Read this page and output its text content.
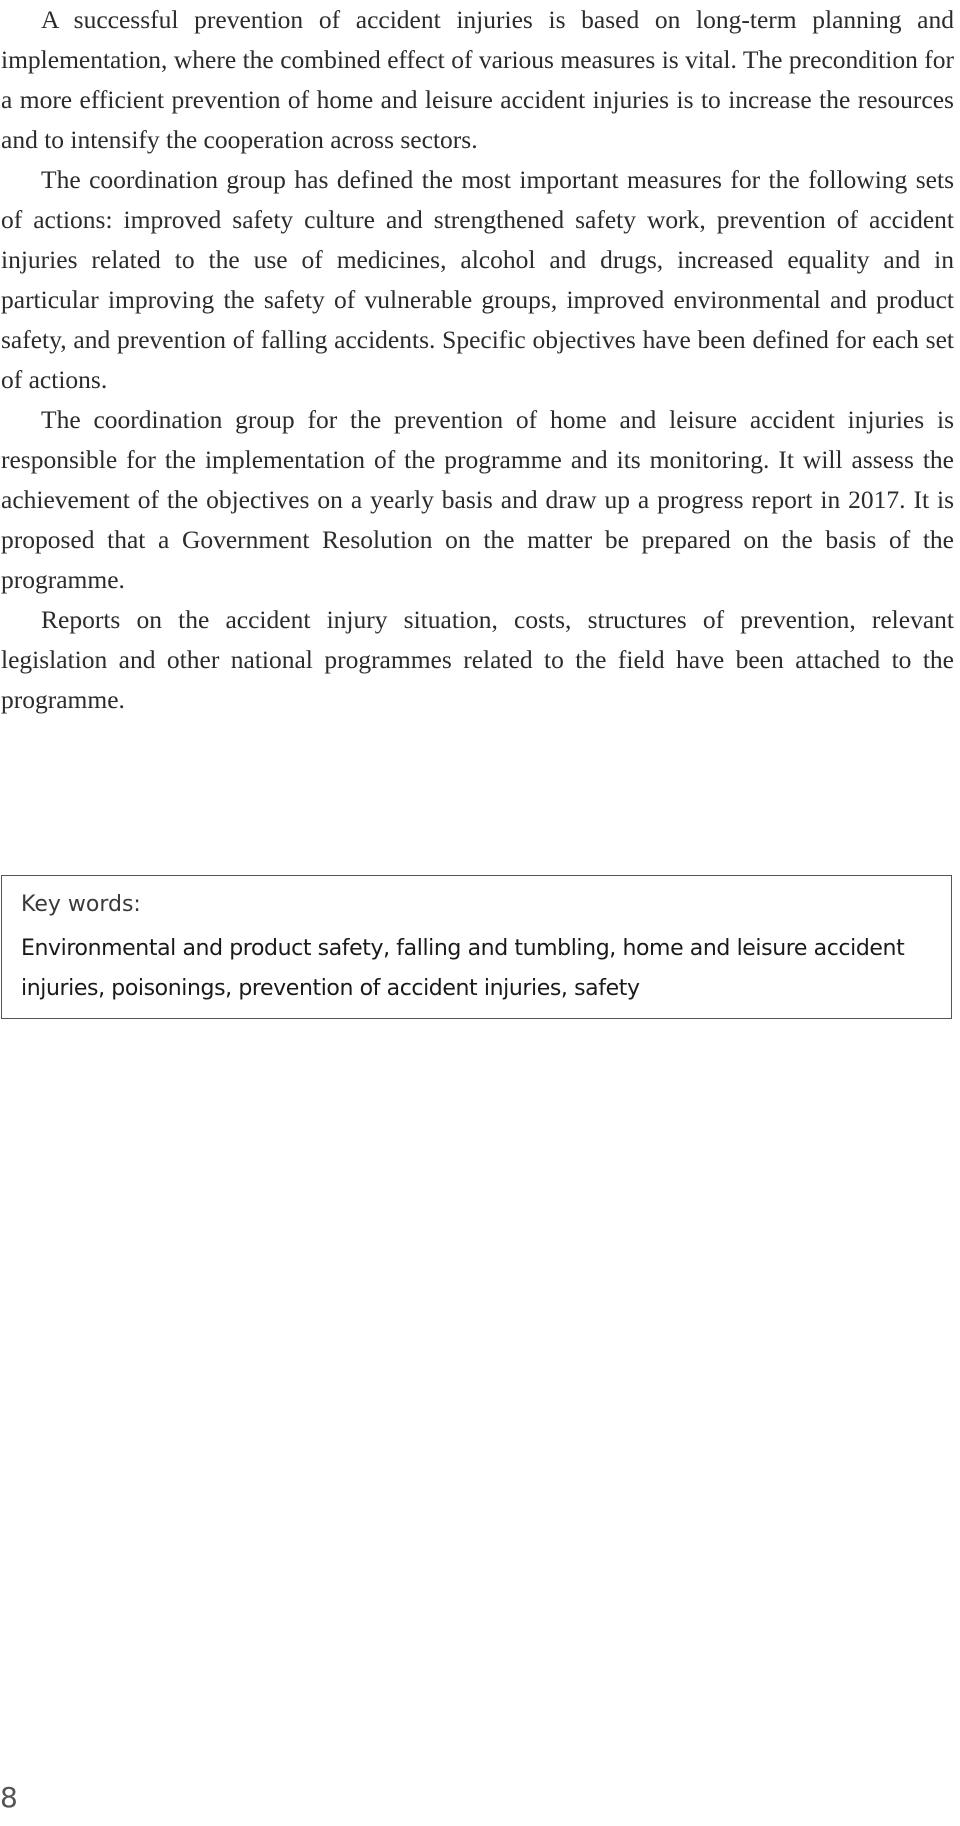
A successful prevention of accident injuries is based on long-term planning and implementation, where the combined effect of various measures is vital. The precondition for a more efficient prevention of home and leisure accident injuries is to increase the resources and to intensify the cooperation across sectors.

The coordination group has defined the most important measures for the following sets of actions: improved safety culture and strengthened safety work, prevention of accident injuries related to the use of medicines, alcohol and drugs, increased equality and in particular improving the safety of vulnerable groups, improved environmental and product safety, and prevention of falling accidents. Specific objectives have been defined for each set of actions.

The coordination group for the prevention of home and leisure accident injuries is responsible for the implementation of the programme and its monitoring. It will assess the achievement of the objectives on a yearly basis and draw up a progress report in 2017. It is proposed that a Government Resolution on the matter be prepared on the basis of the programme.

Reports on the accident injury situation, costs, structures of prevention, relevant legislation and other national programmes related to the field have been attached to the programme.

Key words:
Environmental and product safety, falling and tumbling, home and leisure accident injuries, poisonings, prevention of accident injuries, safety
8
